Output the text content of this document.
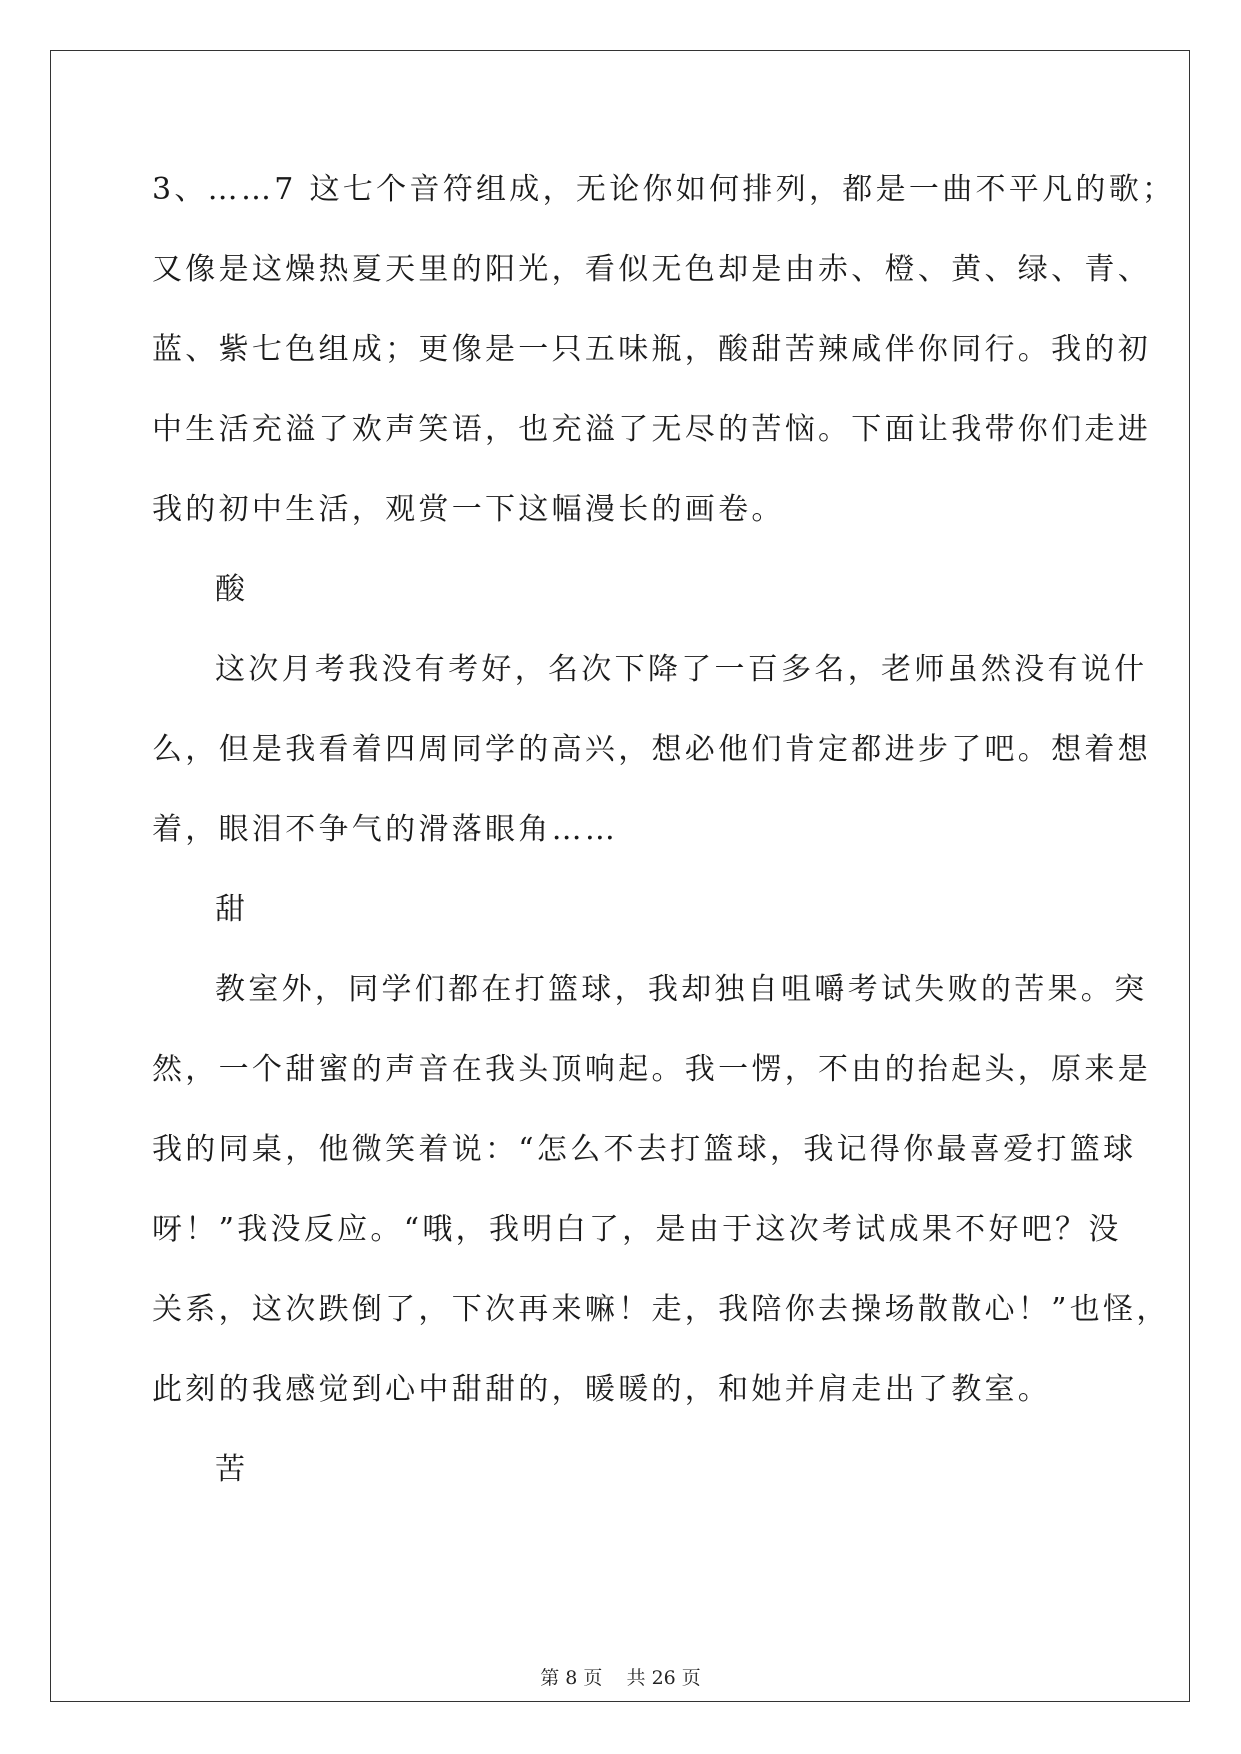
3、……7 这七个音符组成，无论你如何排列，都是一曲不平凡的歌；
又像是这燥热夏天里的阳光，看似无色却是由赤、橙、黄、绿、青、
蓝、紫七色组成；更像是一只五味瓶，酸甜苦辣咸伴你同行。我的初
中生活充溢了欢声笑语，也充溢了无尽的苦恼。下面让我带你们走进
我的初中生活，观赏一下这幅漫长的画卷。
酸
这次月考我没有考好，名次下降了一百多名，老师虽然没有说什
么，但是我看着四周同学的高兴，想必他们肯定都进步了吧。想着想
着，眼泪不争气的滑落眼角……
甜
教室外，同学们都在打篮球，我却独自咀嚼考试失败的苦果。突
然，一个甜蜜的声音在我头顶响起。我一愣，不由的抬起头，原来是
我的同桌，他微笑着说：“怎么不去打篮球，我记得你最喜爱打篮球
呀！”我没反应。“哦，我明白了，是由于这次考试成果不好吧？没
关系，这次跌倒了，下次再来嘛！走，我陪你去操场散散心！”也怪，
此刻的我感觉到心中甜甜的，暖暖的，和她并肩走出了教室。
苦
第 8 页 共 26 页
